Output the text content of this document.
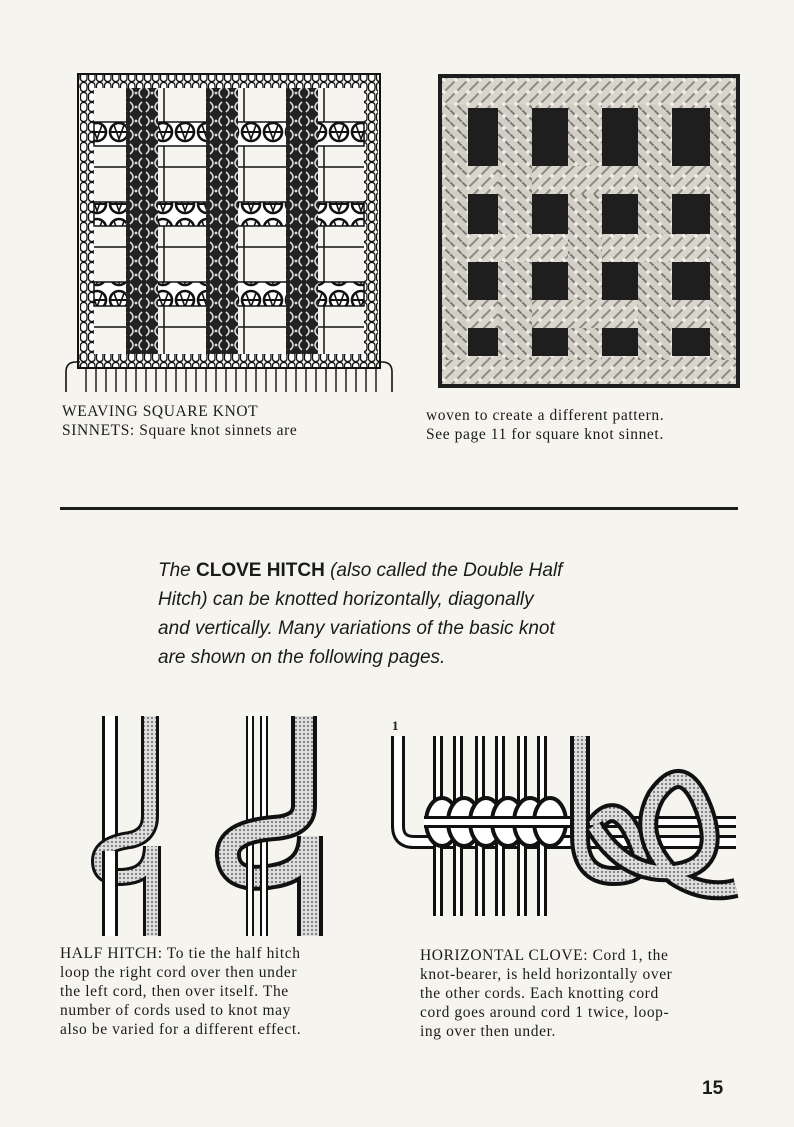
WEAVING SQUARE KNOT

SINNETS: Square knot sinnets are

woven to create a different pattern.

See page 11 for square knot sinnet.

The CLOVE HITCH (also called the Double Half
Hitch) can be knotted horizontally, diagonally
and vertically. Many variations of the basic knot
are shown on the following pages.

1

HALF HITCH: To tie the half hitch

loop the right cord over then under

the left cord, then over itself. The

number of cords used to knot may

also be varied for a different effect.

HORIZONTAL CLOVE: Cord 1, the

knot-bearer, is held horizontally over

the other cords. Each knotting cord

cord goes around cord 1 twice, loop-

ing over then under.

15
